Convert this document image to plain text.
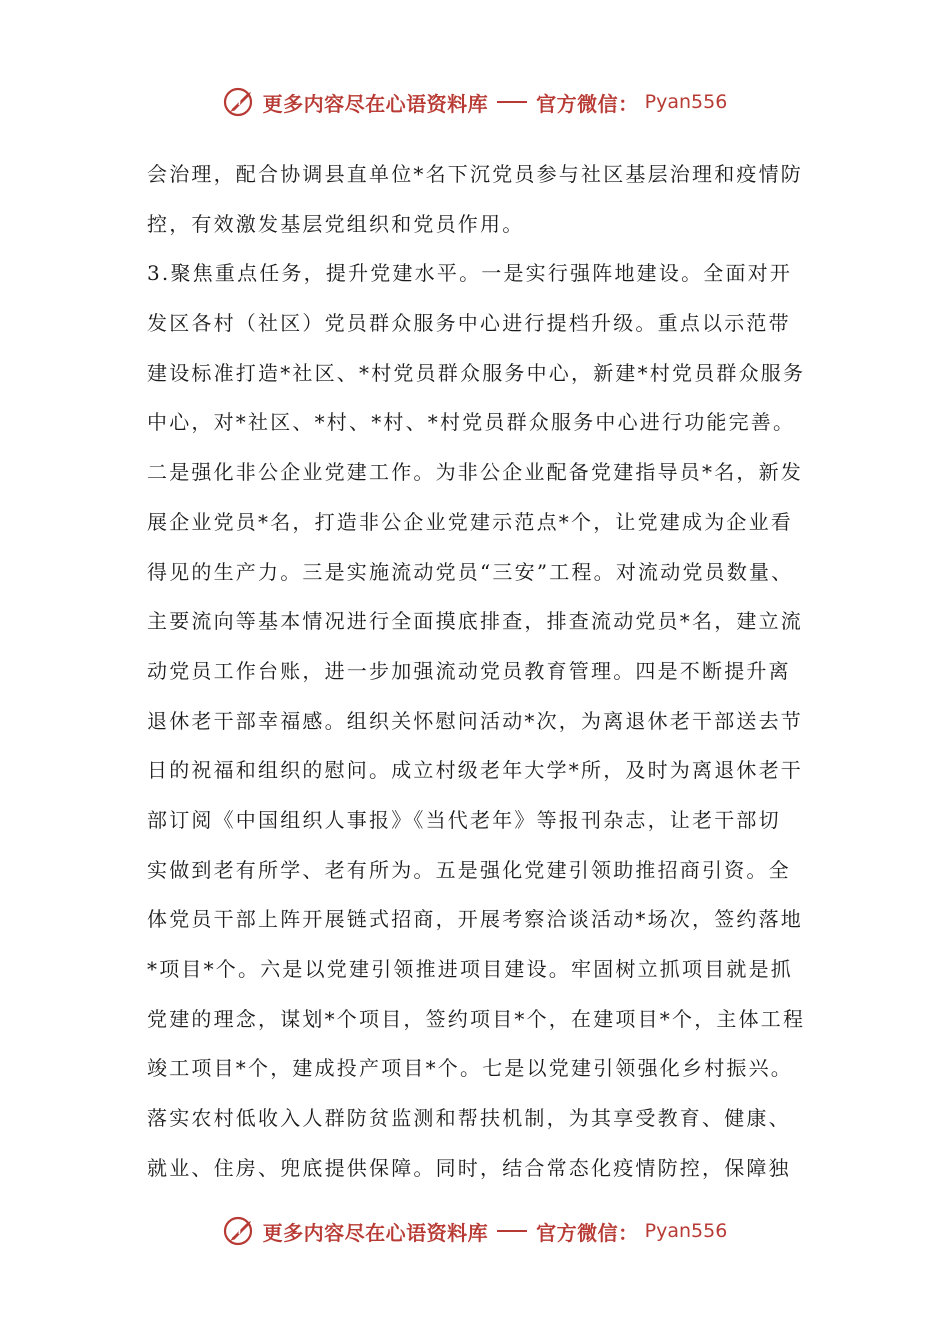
更多内容尽在心语资料库 官方微信： Pyan556
会治理，配合协调县直单位*名下沉党员参与社区基层治理和疫情防
控，有效激发基层党组织和党员作用。
3.聚焦重点任务，提升党建水平。一是实行强阵地建设。全面对开
发区各村（社区）党员群众服务中心进行提档升级。重点以示范带
建设标准打造*社区、*村党员群众服务中心，新建*村党员群众服务
中心，对*社区、*村、*村、*村党员群众服务中心进行功能完善。
二是强化非公企业党建工作。为非公企业配备党建指导员*名，新发
展企业党员*名，打造非公企业党建示范点*个，让党建成为企业看
得见的生产力。三是实施流动党员“三安”工程。对流动党员数量、
主要流向等基本情况进行全面摸底排查，排查流动党员*名，建立流
动党员工作台账，进一步加强流动党员教育管理。四是不断提升离
退休老干部幸福感。组织关怀慰问活动*次，为离退休老干部送去节
日的祝福和组织的慰问。成立村级老年大学*所，及时为离退休老干
部订阅《中国组织人事报》《当代老年》等报刊杂志，让老干部切
实做到老有所学、老有所为。五是强化党建引领助推招商引资。全
体党员干部上阵开展链式招商，开展考察洽谈活动*场次，签约落地
*项目*个。六是以党建引领推进项目建设。牢固树立抓项目就是抓
党建的理念，谋划*个项目，签约项目*个，在建项目*个，主体工程
竣工项目*个，建成投产项目*个。七是以党建引领强化乡村振兴。
落实农村低收入人群防贫监测和帮扶机制，为其享受教育、健康、
就业、住房、兜底提供保障。同时，结合常态化疫情防控，保障独
更多内容尽在心语资料库 官方微信： Pyan556
